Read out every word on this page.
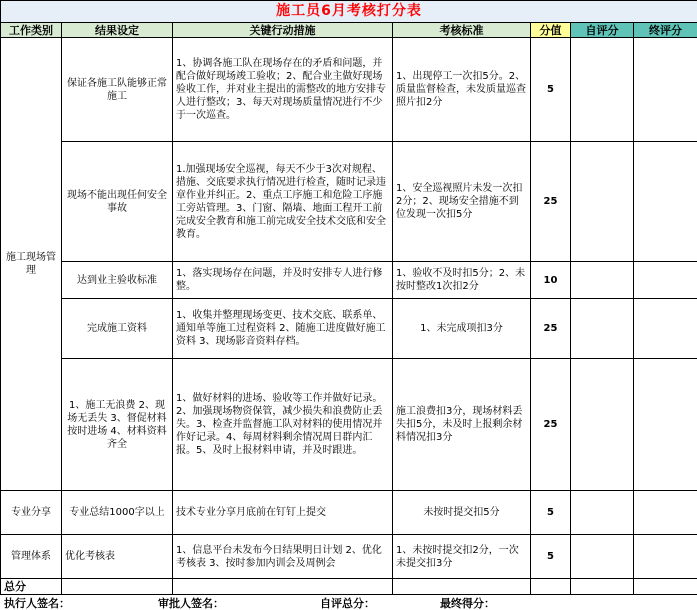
施工员6月考核打分表						
工作类别	结果设定	关键行动措施	考核标准	分值	自评分	终评分
施工现场管理	保证各施工队能够正常施工	1、协调各施工队在现场存在的矛盾和问题，并配合做好现场竣工验收；2、配合业主做好现场验收工作，并对业主提出的需整改的地方安排专人进行整改；3、每天对现场质量情况进行不少于一次巡查。	1、出现停工一次扣5分。2、质量监督检查，未发质量巡查照片扣2分	5		
	现场不能出现任何安全事故	1.加强现场安全巡视，每天不少于3次对规程、措施、交底要求执行情况进行检查，随时记录违章作业并纠正。2、重点工序施工和危险工序施工旁站管理。3、门窗、隔墙、地面工程开工前完成安全教育和施工前完成安全技术交底和安全教育。	1、安全巡视照片未发一次扣2分；2、现场安全措施不到位发现一次扣5分	25		
	达到业主验收标准	1、落实现场存在问题，并及时安排专人进行修整。	1、验收不及时扣5分；2、未按时整改1次扣2分	10		
	完成施工资料	1、收集并整理现场变更、技术交底、联系单、通知单等施工过程资料 2、随施工进度做好施工资料 3、现场影音资料存档。	1、未完成项扣3分	25		
	1、施工无浪费 2、现场无丢失 3、督促材料按时进场 4、材料资料齐全	1、做好材料的进场、验收等工作并做好记录。2、加强现场物资保管，减少损失和浪费防止丢失。3、检查并监督施工队对材料的使用情况并作好记录。4、每周材料剩余情况周日群内汇报。5、及时上报材料申请，并及时跟进。	施工浪费扣3分，现场材料丢失扣5分，未及时上报剩余材料情况扣3分	25		
专业分享	专业总结1000字以上	技术专业分享月底前在钉钉上提交	未按时提交扣5分	5		
管理体系	优化考核表	1、信息平台未发布今日结果明日计划 2、优化考核表 3、按时参加内训会及周例会	1、未按时提交扣2分，一次未提交扣3分	5		
总分						
执行人签名：	审批人签名：	自评总分：	最终得分：
